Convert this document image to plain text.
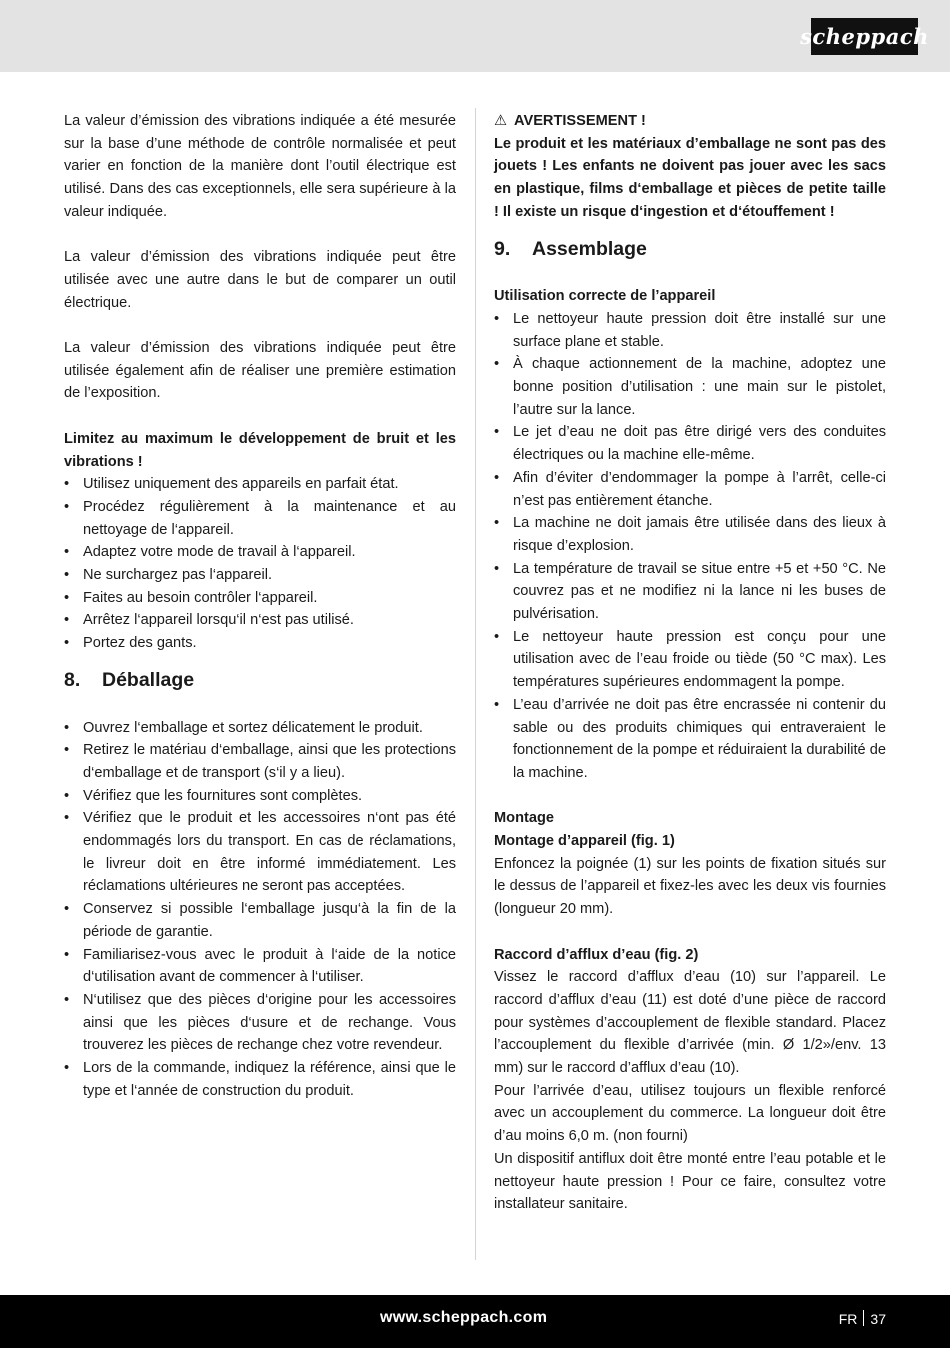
scheppach

La valeur d’émission des vibrations indiquée a été mesurée sur la base d’une méthode de contrôle normalisée et peut varier en fonction de la manière dont l’outil électrique est utilisé. Dans des cas exceptionnels, elle sera supérieure à la valeur indiquée.

La valeur d’émission des vibrations indiquée peut être utilisée avec une autre dans le but de comparer un outil électrique.

La valeur d’émission des vibrations indiquée peut être utilisée également afin de réaliser une première estimation de l’exposition.

Limitez au maximum le développement de bruit et les vibrations !

• Utilisez uniquement des appareils en parfait état.
• Procédez régulièrement à la maintenance et au nettoyage de l‘appareil.
• Adaptez votre mode de travail à l‘appareil.
• Ne surchargez pas l‘appareil.
• Faites au besoin contrôler l‘appareil.
• Arrêtez l‘appareil lorsqu‘il n‘est pas utilisé.
• Portez des gants.
8.	Déballage
• Ouvrez l‘emballage et sortez délicatement le produit.
• Retirez le matériau d‘emballage, ainsi que les protections d‘emballage et de transport (s‘il y a lieu).
• Vérifiez que les fournitures sont complètes.
• Vérifiez que le produit et les accessoires n‘ont pas été endommagés lors du transport. En cas de réclamations, le livreur doit en être informé immédiatement. Les réclamations ultérieures ne seront pas acceptées.
• Conservez si possible l‘emballage jusqu‘à la fin de la période de garantie.
• Familiarisez-vous avec le produit à l‘aide de la notice d‘utilisation avant de commencer à l‘utiliser.
• N‘utilisez que des pièces d‘origine pour les accessoires ainsi que les pièces d‘usure et de rechange. Vous trouverez les pièces de rechange chez votre revendeur.
• Lors de la commande, indiquez la référence, ainsi que le type et l‘année de construction du produit.
⚠ AVERTISSEMENT !

Le produit et les matériaux d’emballage ne sont pas des jouets ! Les enfants ne doivent pas jouer avec les sacs en plastique, films d‘emballage et pièces de petite taille ! Il existe un risque d‘ingestion et d‘étouffement !

9.	Assemblage

Utilisation correcte de l’appareil

• Le nettoyeur haute pression doit être installé sur une surface plane et stable.
• À chaque actionnement de la machine, adoptez une bonne position d’utilisation : une main sur le pistolet, l’autre sur la lance.
• Le jet d’eau ne doit pas être dirigé vers des conduites électriques ou la machine elle-même.
• Afin d’éviter d’endommager la pompe à l’arrêt, celle-ci n’est pas entièrement étanche.
• La machine ne doit jamais être utilisée dans des lieux à risque d’explosion.
• La température de travail se situe entre +5 et +50 °C. Ne couvrez pas et ne modifiez ni la lance ni les buses de pulvérisation.
• Le nettoyeur haute pression est conçu pour une utilisation avec de l’eau froide ou tiède (50 °C max). Les températures supérieures endommagent la pompe.
• L’eau d’arrivée ne doit pas être encrassée ni contenir du sable ou des produits chimiques qui entraveraient le fonctionnement de la pompe et réduiraient la durabilité de la machine.

Montage

Montage d’appareil (fig. 1)

Enfoncez la poignée (1) sur les points de fixation situés sur le dessus de l’appareil et fixez-les avec les deux vis fournies (longueur 20 mm).

Raccord d’afflux d’eau (fig. 2)

Vissez le raccord d’afflux d’eau (10) sur l’appareil. Le raccord d’afflux d’eau (11) est doté d’une pièce de raccord pour systèmes d’accouplement de flexible standard. Placez l’accouplement du flexible d’arrivée (min. Ø 1/2»/env. 13 mm) sur le raccord d’afflux d’eau (10).

Pour l’arrivée d’eau, utilisez toujours un flexible renforcé avec un accouplement du commerce. La longueur doit être d’au moins 6,0 m. (non fourni)

Un dispositif antiflux doit être monté entre l’eau potable et le nettoyeur haute pression ! Pour ce faire, consultez votre installateur sanitaire.

www.scheppach.com	FR 37
